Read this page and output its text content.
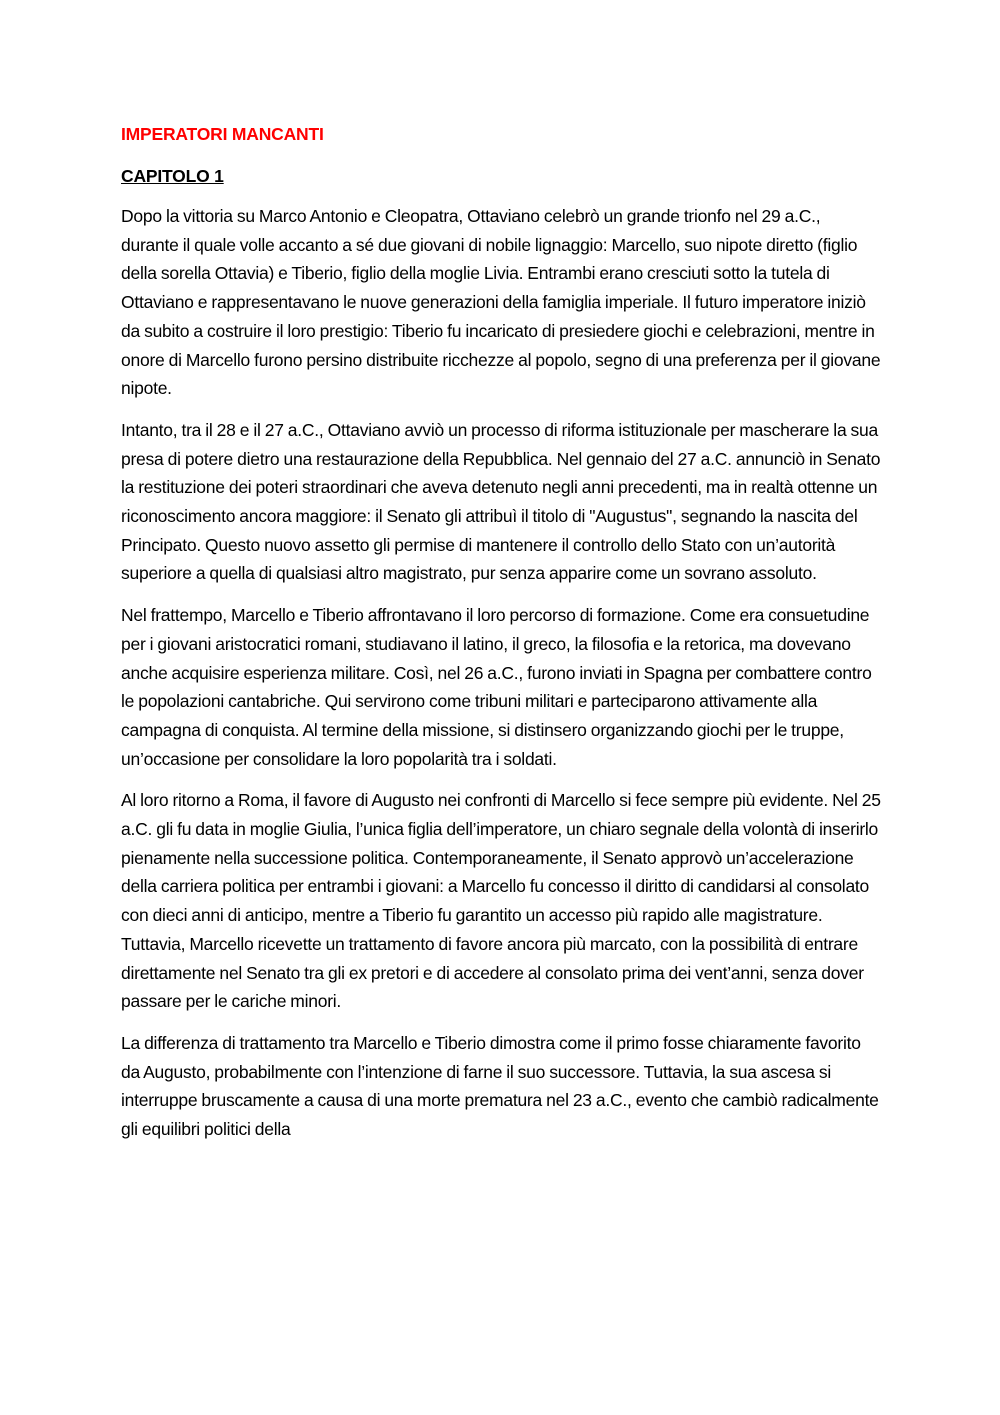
IMPERATORI MANCANTI

CAPITOLO 1

Dopo la vittoria su Marco Antonio e Cleopatra, Ottaviano celebrò un grande trionfo nel 29 a.C., durante il quale volle accanto a sé due giovani di nobile lignaggio: Marcello, suo nipote diretto (figlio della sorella Ottavia) e Tiberio, figlio della moglie Livia. Entrambi erano cresciuti sotto la tutela di Ottaviano e rappresentavano le nuove generazioni della famiglia imperiale. Il futuro imperatore iniziò da subito a costruire il loro prestigio: Tiberio fu incaricato di presiedere giochi e celebrazioni, mentre in onore di Marcello furono persino distribuite ricchezze al popolo, segno di una preferenza per il giovane nipote.

Intanto, tra il 28 e il 27 a.C., Ottaviano avviò un processo di riforma istituzionale per mascherare la sua presa di potere dietro una restaurazione della Repubblica. Nel gennaio del 27 a.C. annunciò in Senato la restituzione dei poteri straordinari che aveva detenuto negli anni precedenti, ma in realtà ottenne un riconoscimento ancora maggiore: il Senato gli attribuì il titolo di "Augustus", segnando la nascita del Principato. Questo nuovo assetto gli permise di mantenere il controllo dello Stato con un’autorità superiore a quella di qualsiasi altro magistrato, pur senza apparire come un sovrano assoluto.

Nel frattempo, Marcello e Tiberio affrontavano il loro percorso di formazione. Come era consuetudine per i giovani aristocratici romani, studiavano il latino, il greco, la filosofia e la retorica, ma dovevano anche acquisire esperienza militare. Così, nel 26 a.C., furono inviati in Spagna per combattere contro le popolazioni cantabriche. Qui servirono come tribuni militari e parteciparono attivamente alla campagna di conquista. Al termine della missione, si distinsero organizzando giochi per le truppe, un’occasione per consolidare la loro popolarità tra i soldati.

Al loro ritorno a Roma, il favore di Augusto nei confronti di Marcello si fece sempre più evidente. Nel 25 a.C. gli fu data in moglie Giulia, l’unica figlia dell’imperatore, un chiaro segnale della volontà di inserirlo pienamente nella successione politica. Contemporaneamente, il Senato approvò un’accelerazione della carriera politica per entrambi i giovani: a Marcello fu concesso il diritto di candidarsi al consolato con dieci anni di anticipo, mentre a Tiberio fu garantito un accesso più rapido alle magistrature. Tuttavia, Marcello ricevette un trattamento di favore ancora più marcato, con la possibilità di entrare direttamente nel Senato tra gli ex pretori e di accedere al consolato prima dei vent’anni, senza dover passare per le cariche minori.

La differenza di trattamento tra Marcello e Tiberio dimostra come il primo fosse chiaramente favorito da Augusto, probabilmente con l’intenzione di farne il suo successore. Tuttavia, la sua ascesa si interruppe bruscamente a causa di una morte prematura nel 23 a.C., evento che cambiò radicalmente gli equilibri politici della
